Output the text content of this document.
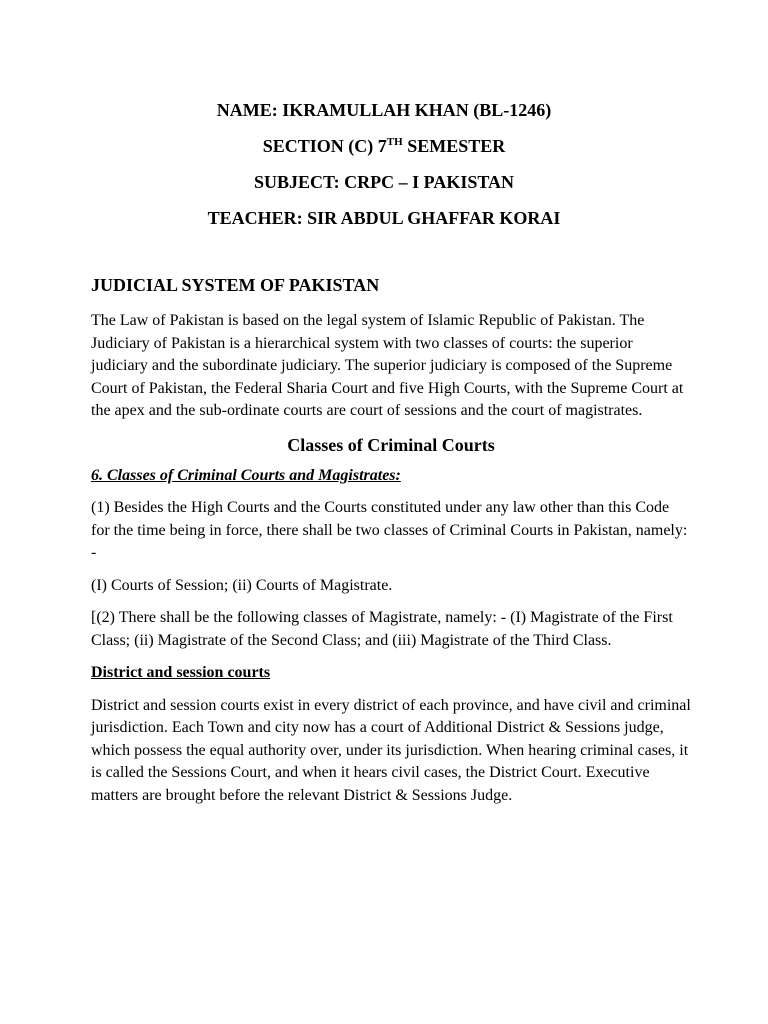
NAME: IKRAMULLAH KHAN (BL-1246)
SECTION (C) 7TH SEMESTER
SUBJECT: CRPC – I PAKISTAN
TEACHER: SIR ABDUL GHAFFAR KORAI
JUDICIAL SYSTEM OF PAKISTAN

The Law of Pakistan is based on the legal system of Islamic Republic of Pakistan. The Judiciary of Pakistan is a hierarchical system with two classes of courts: the superior judiciary and the subordinate judiciary. The superior judiciary is composed of the Supreme Court of Pakistan, the Federal Sharia Court and five High Courts, with the Supreme Court at the apex and the sub-ordinate courts are court of sessions and the court of magistrates.

Classes of Criminal Courts

6. Classes of Criminal Courts and Magistrates:

(1) Besides the High Courts and the Courts constituted under any law other than this Code for the time being in force, there shall be two classes of Criminal Courts in Pakistan, namely: -

(I) Courts of Session; (ii) Courts of Magistrate.

[(2) There shall be the following classes of Magistrate, namely: - (I) Magistrate of the First Class; (ii) Magistrate of the Second Class; and (iii) Magistrate of the Third Class.

District and session courts

District and session courts exist in every district of each province, and have civil and criminal jurisdiction. Each Town and city now has a court of Additional District & Sessions judge, which possess the equal authority over, under its jurisdiction. When hearing criminal cases, it is called the Sessions Court, and when it hears civil cases, the District Court. Executive matters are brought before the relevant District & Sessions Judge.
